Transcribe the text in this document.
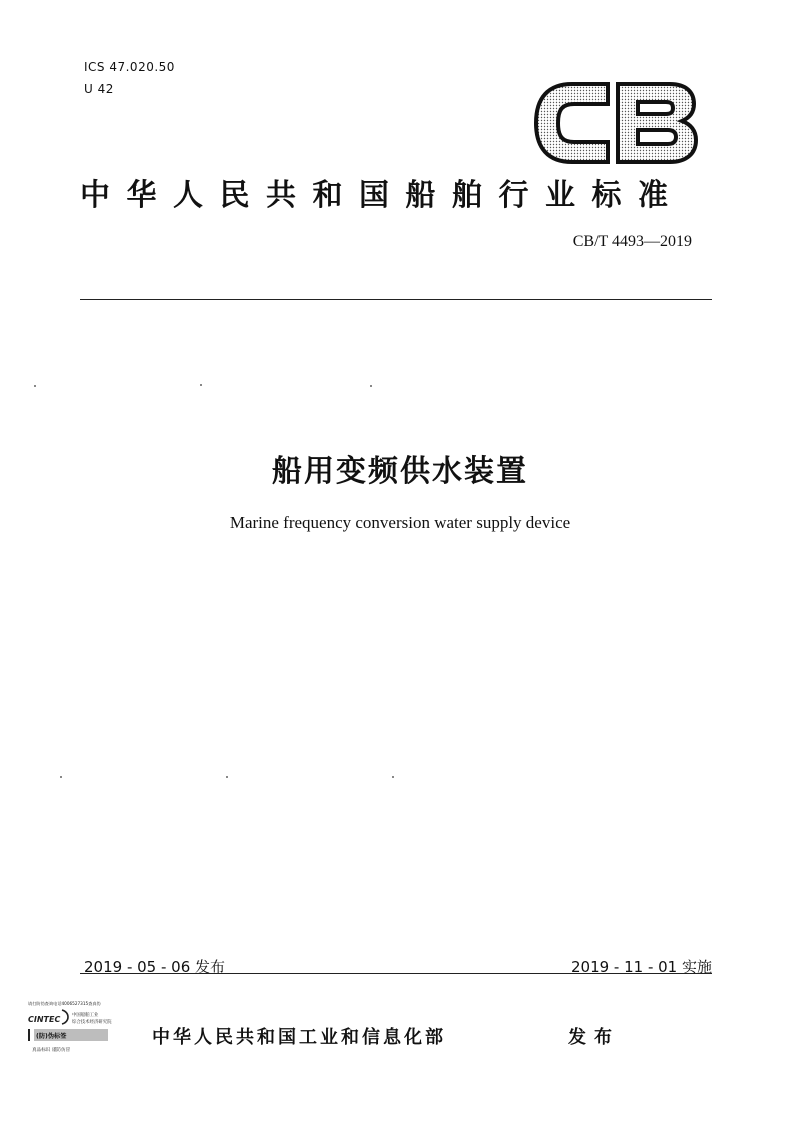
ICS 47.020.50
U 42
中华人民共和国船舶行业标准
CB/T 4493—2019
船用变频供水装置
Marine frequency conversion water supply device
2019 - 05 - 06 发布	2019 - 11 - 01 实施
请打防伪查询电话4006527315查真伪
CINTEC	中国船舶工业
综合技术经济研究院
(防)伪标签
真品标识 谨防仿冒
中华人民共和国工业和信息化部	发布
